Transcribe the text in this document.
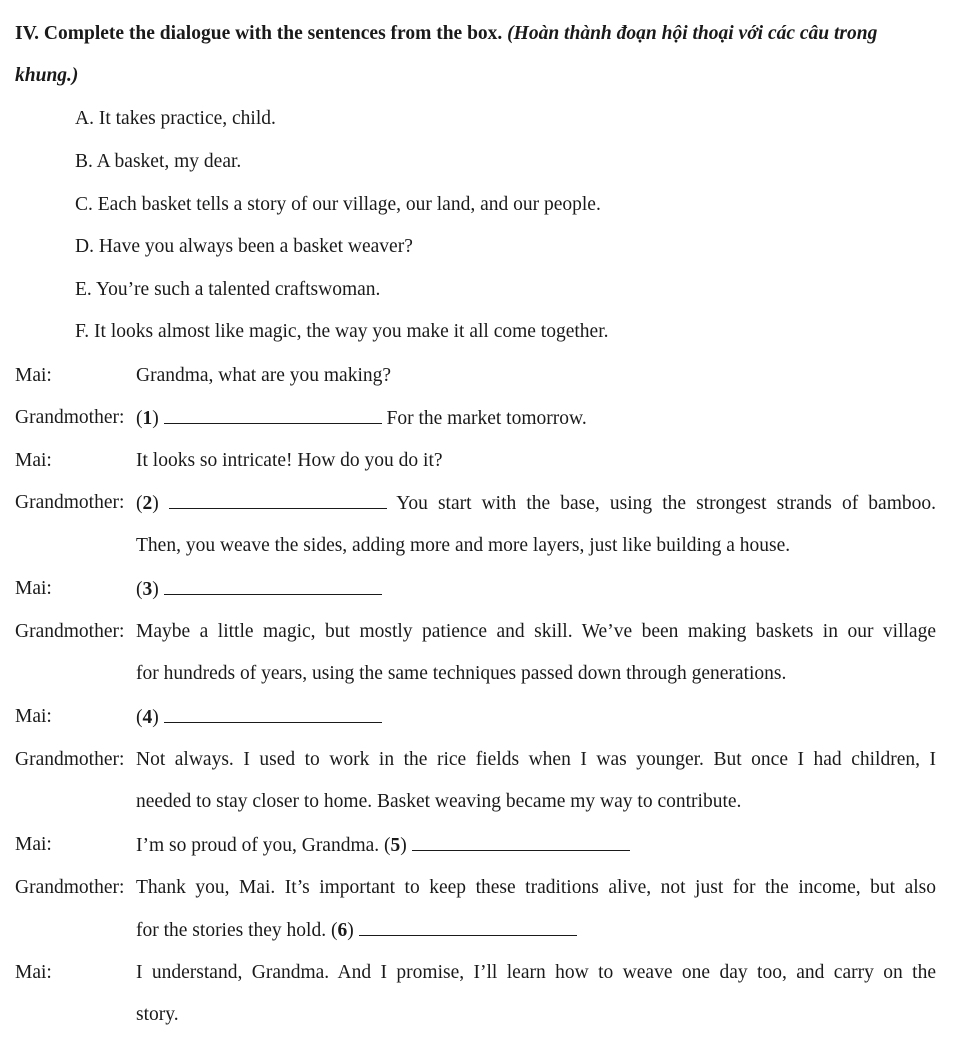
IV. Complete the dialogue with the sentences from the box. (Hoàn thành đoạn hội thoại với các câu trong
khung.)
A. It takes practice, child.
B. A basket, my dear.
C. Each basket tells a story of our village, our land, and our people.
D. Have you always been a basket weaver?
E. You’re such a talented craftswoman.
F. It looks almost like magic, the way you make it all come together.
Mai:	Grandma, what are you making?
Grandmother: (1)	For the market tomorrow.
Mai:	It looks so intricate! How do you do it?
Grandmother: (2)	You start with the base, using the strongest strands of bamboo.
Then, you weave the sides, adding more and more layers, just like building a house.
Mai:	(3)
Grandmother: Maybe a little magic, but mostly patience and skill. We’ve been making baskets in our village
for hundreds of years, using the same techniques passed down through generations.
Mai:	(4)
Grandmother: Not always. I used to work in the rice fields when I was younger. But once I had children, I
needed to stay closer to home. Basket weaving became my way to contribute.
Mai:	I’m so proud of you, Grandma. (5)
Grandmother: Thank you, Mai. It’s important to keep these traditions alive, not just for the income, but also
for the stories they hold. (6)
Mai:	I understand, Grandma. And I promise, I’ll learn how to weave one day too, and carry on the
story.
